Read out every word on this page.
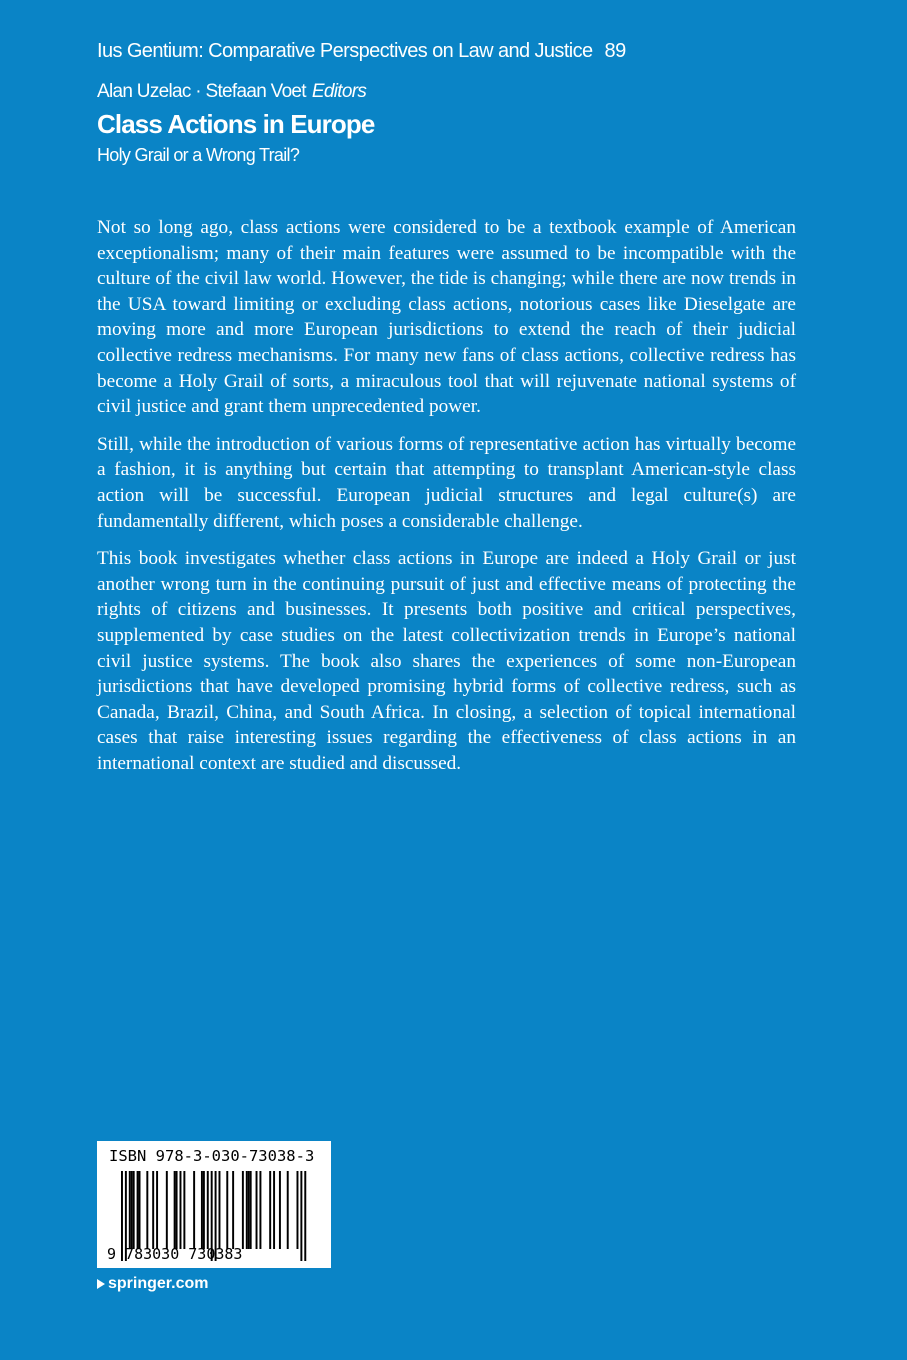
Ius Gentium: Comparative Perspectives on Law and Justice 89
Alan Uzelac · Stefaan Voet Editors
Class Actions in Europe
Holy Grail or a Wrong Trail?

Not so long ago, class actions were considered to be a textbook example of American exceptionalism; many of their main features were assumed to be incompatible with the culture of the civil law world. However, the tide is changing; while there are now trends in the USA toward limiting or excluding class actions, notorious cases like Dieselgate are moving more and more European jurisdictions to extend the reach of their judicial collective redress mechanisms. For many new fans of class actions, collective redress has become a Holy Grail of sorts, a miraculous tool that will rejuvenate national systems of civil justice and grant them unprecedented power.

Still, while the introduction of various forms of representative action has virtually become a fashion, it is anything but certain that attempting to transplant American-style class action will be successful. European judicial structures and legal culture(s) are fundamentally different, which poses a considerable challenge.

This book investigates whether class actions in Europe are indeed a Holy Grail or just another wrong turn in the continuing pursuit of just and effective means of protecting the rights of citizens and businesses. It presents both positive and critical perspectives, supplemented by case studies on the latest collectivization trends in Europe’s national civil justice systems. The book also shares the experiences of some non-European jurisdictions that have developed promising hybrid forms of collective redress, such as Canada, Brazil, China, and South Africa. In closing, a selection of topical international cases that raise interesting issues regarding the effectiveness of class actions in an international context are studied and discussed.

ISBN 978-3-030-73038-3
9 783030 730383
springer.com
